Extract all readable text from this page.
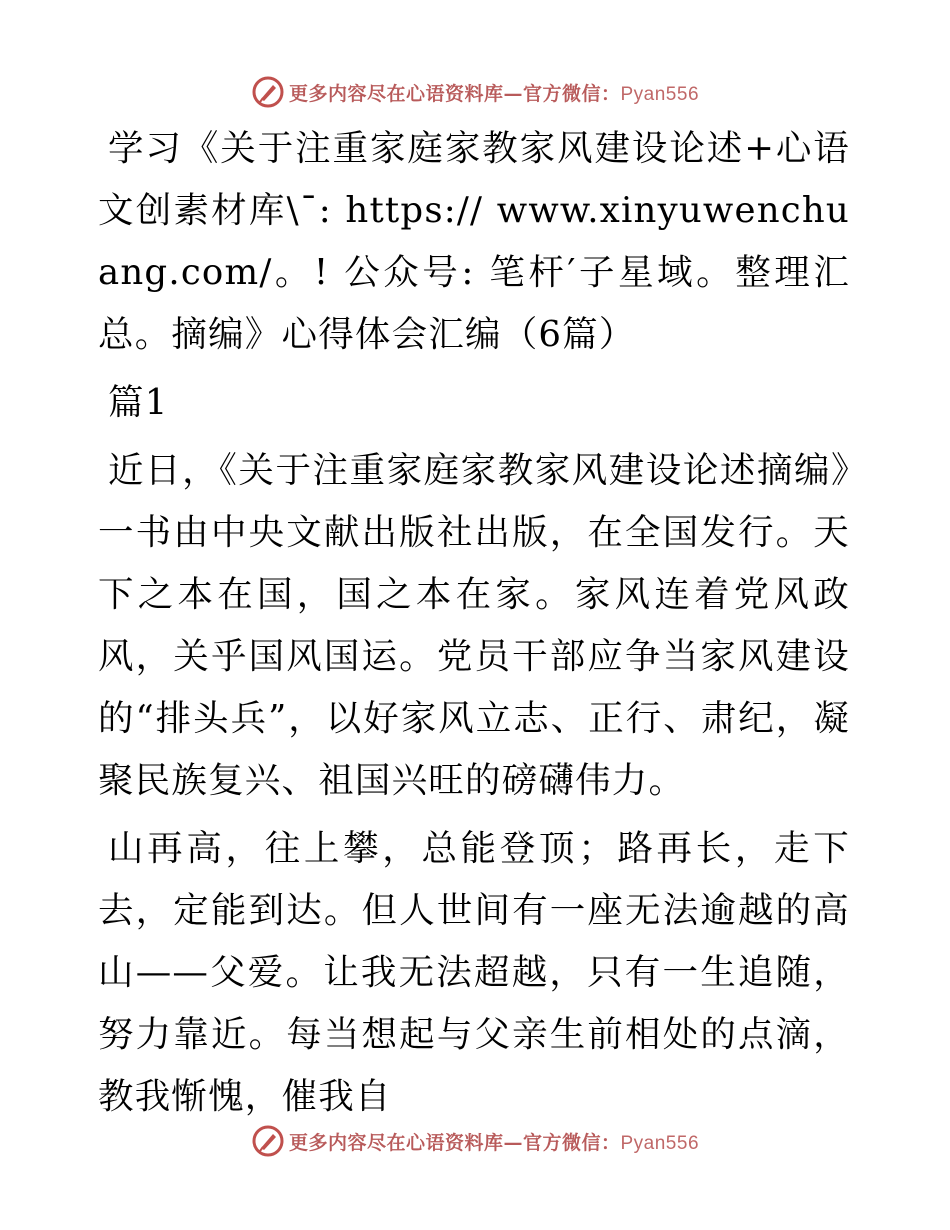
更多内容尽在心语资料库—官方微信：Pyan556

学习《关于注重家庭家教家风建设论述+心语文创素材库\¯: https:// www.xinyuwenchuang.com/。! 公众号: 笔杆′子星域。整理汇总。摘编》心得体会汇编（6篇）

篇1

近日，《关于注重家庭家教家风建设论述摘编》一书由中央文献出版社出版，在全国发行。天下之本在国，国之本在家。家风连着党风政风，关乎国风国运。党员干部应争当家风建设的“排头兵”，以好家风立志、正行、肃纪，凝聚民族复兴、祖国兴旺的磅礴伟力。

山再高，往上攀，总能登顶；路再长，走下去，定能到达。但人世间有一座无法逾越的高山——父爱。让我无法超越，只有一生追随，努力靠近。每当想起与父亲生前相处的点滴，教我惭愧，催我自

更多内容尽在心语资料库—官方微信：Pyan556
